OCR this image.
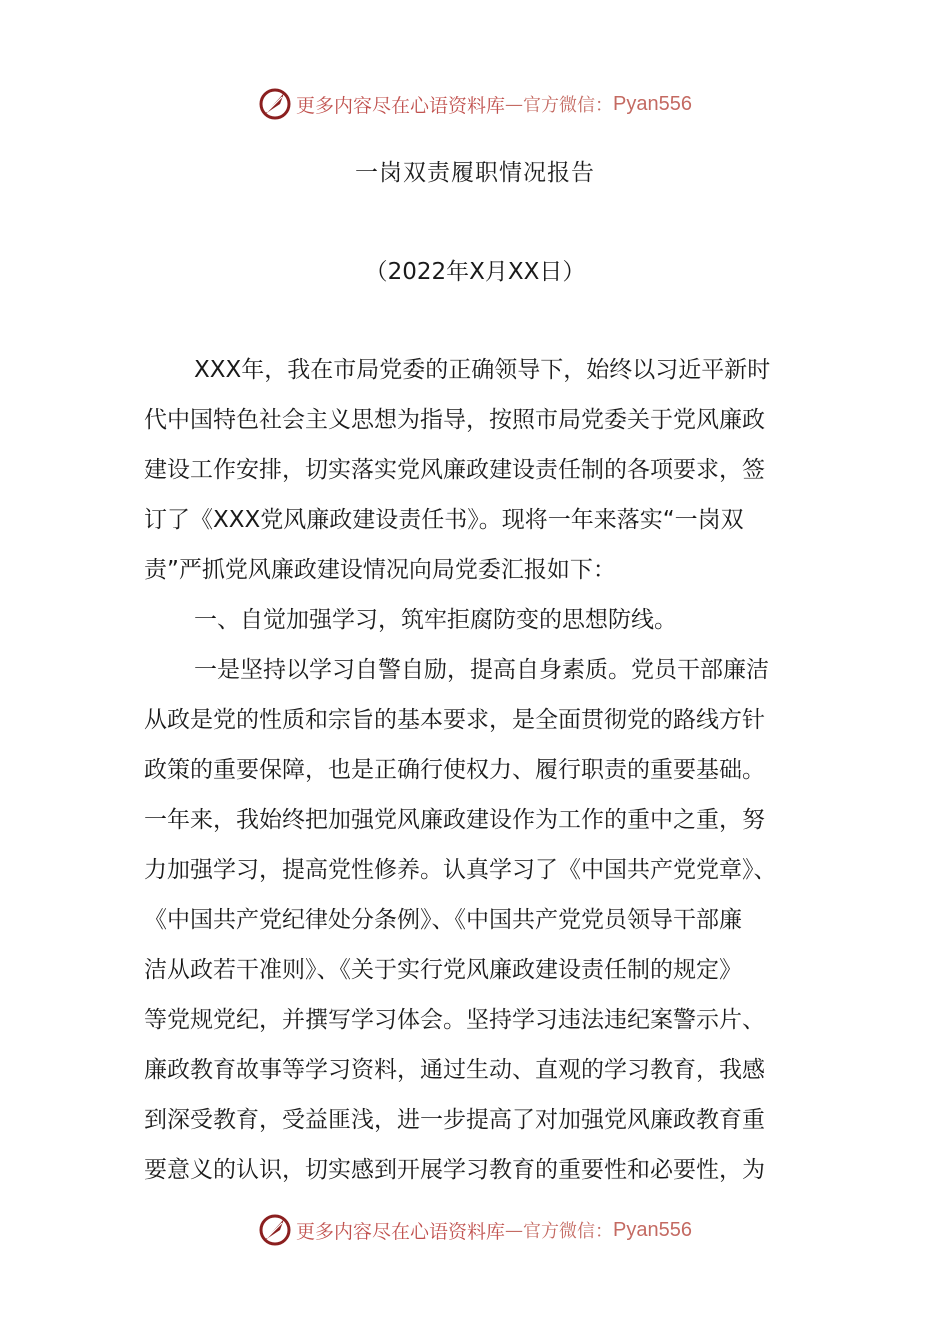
更多内容尽在心语资料库 — 官方微信： Pyan556
一岗双责履职情况报告
（2022年X月XX日）
XXX年，我在市局党委的正确领导下，始终以习近平新时
代中国特色社会主义思想为指导，按照市局党委关于党风廉政
建设工作安排，切实落实党风廉政建设责任制的各项要求，签
订了《XXX党风廉政建设责任书》。现将一年来落实“一岗双
责”严抓党风廉政建设情况向局党委汇报如下：
一、自觉加强学习，筑牢拒腐防变的思想防线。
一是坚持以学习自警自励，提高自身素质。党员干部廉洁
从政是党的性质和宗旨的基本要求，是全面贯彻党的路线方针
政策的重要保障，也是正确行使权力、履行职责的重要基础。
一年来，我始终把加强党风廉政建设作为工作的重中之重，努
力加强学习，提高党性修养。认真学习了《中国共产党党章》、
《中国共产党纪律处分条例》、《中国共产党党员领导干部廉
洁从政若干准则》、《关于实行党风廉政建设责任制的规定》
等党规党纪，并撰写学习体会。坚持学习违法违纪案警示片、
廉政教育故事等学习资料，通过生动、直观的学习教育，我感
到深受教育，受益匪浅，进一步提高了对加强党风廉政教育重
要意义的认识，切实感到开展学习教育的重要性和必要性，为
更多内容尽在心语资料库 — 官方微信： Pyan556
